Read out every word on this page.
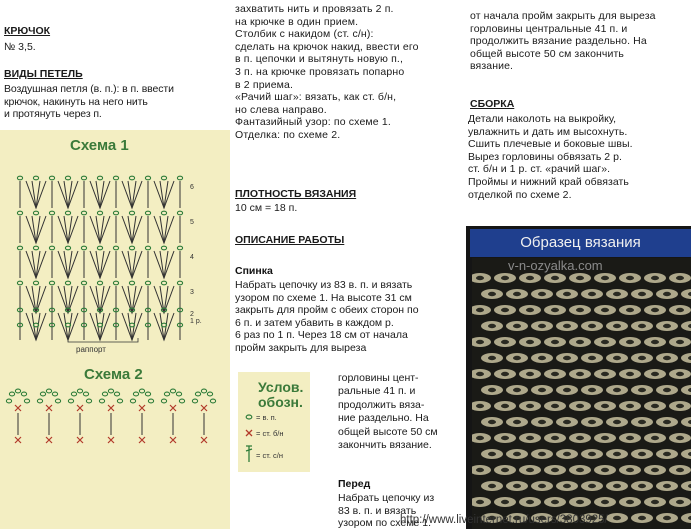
КРЮЧОК
№ 3,5.
ВИДЫ ПЕТЕЛЬ
Воздушная петля (в. п.): в п. ввести
крючок, накинуть на него нить
и протянуть через п.
Схема 1
6
5
4
3
2
1 р.
раппорт
Схема 2
Услов.
обозн.
= в. п.
= ст. б/н
= ст. с/н
захватить нить и провязать 2 п.
на крючке в один прием.
Столбик с накидом (ст. с/н):
сделать на крючок накид, ввести его
в п. цепочки и вытянуть новую п.,
3 п. на крючке провязать попарно
в 2 приема.
«Рачий шаг»: вязать, как ст. б/н,
но слева направо.
Фантазийный узор: по схеме 1.
Отделка: по схеме 2.
ПЛОТНОСТЬ ВЯЗАНИЯ
10 см = 18 п.
ОПИСАНИЕ РАБОТЫ
Спинка
Набрать цепочку из 83 в. п. и вязать
узором по схеме 1. На высоте 31 см
закрыть для пройм с обеих сторон по
6 п. и затем убавить в каждом р.
6 раз по 1 п. Через 18 см от начала
пройм закрыть для выреза
горловины цент-
ральные 41 п. и
продолжить вяза-
ние раздельно. На
общей высоте 50 см
закончить вязание.
Перед
Набрать цепочку из
83 в. п. и вязать
узором по схеме 1.
от начала пройм закрыть для выреза
горловины центральные 41 п. и
продолжить вязание раздельно. На
общей высоте 50 см закончить
вязание.
СБОРКА
Детали наколоть на выкройку,
увлажнить и дать им высохнуть.
Сшить плечевые и боковые швы.
Вырез горловины обвязать 2 р.
ст. б/н и 1 р. ст. «рачий шаг».
Проймы и нижний край обвязать
отделкой по схеме 2.
Образец вязания
v-n-ozyalka.com
http://www.liveinternet.ru/users/3803925/
